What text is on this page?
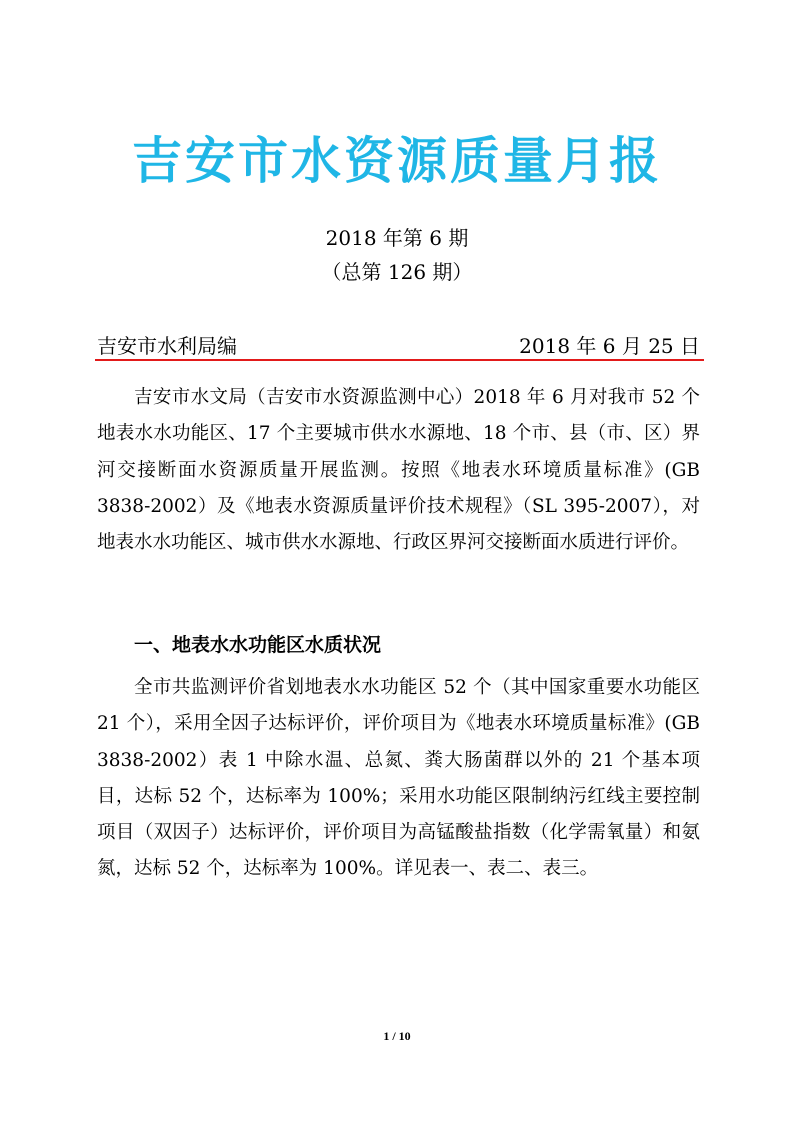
吉安市水资源质量月报
2018 年第 6 期
（总第 126 期）
吉安市水利局编	2018 年 6 月 25 日

吉安市水文局（吉安市水资源监测中心）2018 年 6 月对我市 52 个地表水水功能区、17 个主要城市供水水源地、18 个市、县（市、区）界河交接断面水资源质量开展监测。按照《地表水环境质量标准》(GB 3838-2002）及《地表水资源质量评价技术规程》（SL 395-2007），对地表水水功能区、城市供水水源地、行政区界河交接断面水质进行评价。

一、地表水水功能区水质状况

全市共监测评价省划地表水水功能区 52 个（其中国家重要水功能区 21 个），采用全因子达标评价，评价项目为《地表水环境质量标准》(GB 3838-2002）表 1 中除水温、总氮、粪大肠菌群以外的 21 个基本项目，达标 52 个，达标率为 100%；采用水功能区限制纳污红线主要控制项目（双因子）达标评价，评价项目为高锰酸盐指数（化学需氧量）和氨氮，达标 52 个，达标率为 100%。详见表一、表二、表三。

1 / 10
